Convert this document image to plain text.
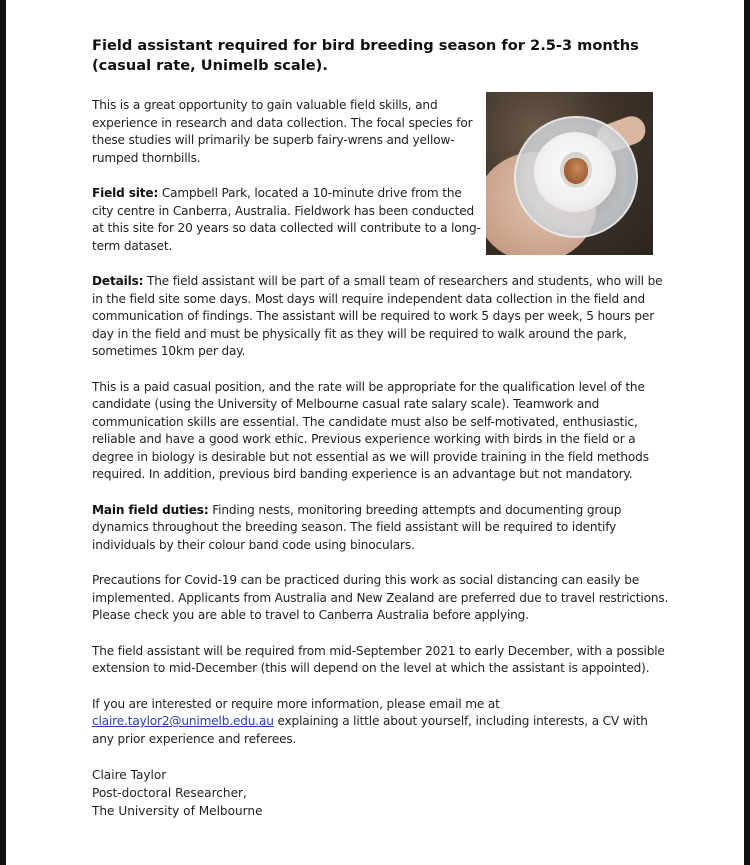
Field assistant required for bird breeding season for 2.5-3 months (casual rate, Unimelb scale).

This is a great opportunity to gain valuable field skills, and experience in research and data collection. The focal species for these studies will primarily be superb fairy-wrens and yellow-rumped thornbills.

Field site: Campbell Park, located a 10-minute drive from the city centre in Canberra, Australia. Fieldwork has been conducted at this site for 20 years so data collected will contribute to a long-term dataset.

Details: The field assistant will be part of a small team of researchers and students, who will be in the field site some days. Most days will require independent data collection in the field and communication of findings. The assistant will be required to work 5 days per week, 5 hours per day in the field and must be physically fit as they will be required to walk around the park, sometimes 10km per day.

This is a paid casual position, and the rate will be appropriate for the qualification level of the candidate (using the University of Melbourne casual rate salary scale). Teamwork and communication skills are essential. The candidate must also be self-motivated, enthusiastic, reliable and have a good work ethic. Previous experience working with birds in the field or a degree in biology is desirable but not essential as we will provide training in the field methods required. In addition, previous bird banding experience is an advantage but not mandatory.

Main field duties: Finding nests, monitoring breeding attempts and documenting group dynamics throughout the breeding season. The field assistant will be required to identify individuals by their colour band code using binoculars.

Precautions for Covid-19 can be practiced during this work as social distancing can easily be implemented. Applicants from Australia and New Zealand are preferred due to travel restrictions. Please check you are able to travel to Canberra Australia before applying.

The field assistant will be required from mid-September 2021 to early December, with a possible extension to mid-December (this will depend on the level at which the assistant is appointed).

If you are interested or require more information, please email me at claire.taylor2@unimelb.edu.au explaining a little about yourself, including interests, a CV with any prior experience and referees.

Claire Taylor

Post-doctoral Researcher,

The University of Melbourne
